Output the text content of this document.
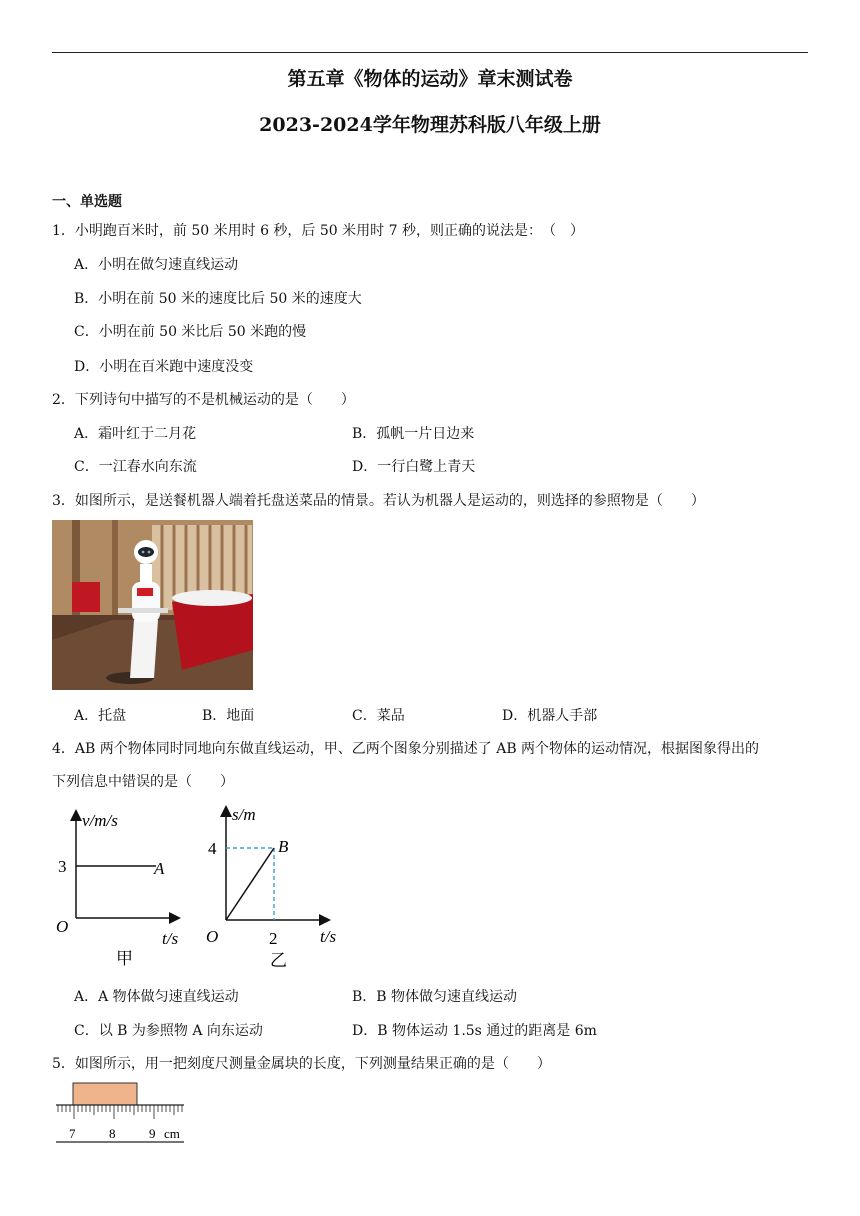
第五章《物体的运动》章末测试卷
2023-2024学年物理苏科版八年级上册
一、单选题
1．小明跑百米时，前 50 米用时 6 秒，后 50 米用时 7 秒，则正确的说法是：　（　）
A．小明在做匀速直线运动
B．小明在前 50 米的速度比后 50 米的速度大
C．小明在前 50 米比后 50 米跑的慢
D．小明在百米跑中速度没变
2．下列诗句中描写的不是机械运动的是（　　）
A．霜叶红于二月花	B．孤帆一片日边来
C．一江春水向东流	D．一行白鹭上青天
3．如图所示，是送餐机器人端着托盘送菜品的情景。若认为机器人是运动的，则选择的参照物是（　　）
A．托盘	B．地面	C．菜品	D．机器人手部
4．AB 两个物体同时同地向东做直线运动，甲、乙两个图象分别描述了 AB 两个物体的运动情况，根据图象得出的
下列信息中错误的是（　　）
v/m/s
3	A
O
t/s
甲
s/m
4	B
O	2	t/s
乙
A．A 物体做匀速直线运动	B．B 物体做匀速直线运动
C．以 B 为参照物 A 向东运动	D．B 物体运动 1.5s 通过的距离是 6m
5．如图所示，用一把刻度尺测量金属块的长度，下列测量结果正确的是（　　）
7	8	9 cm
